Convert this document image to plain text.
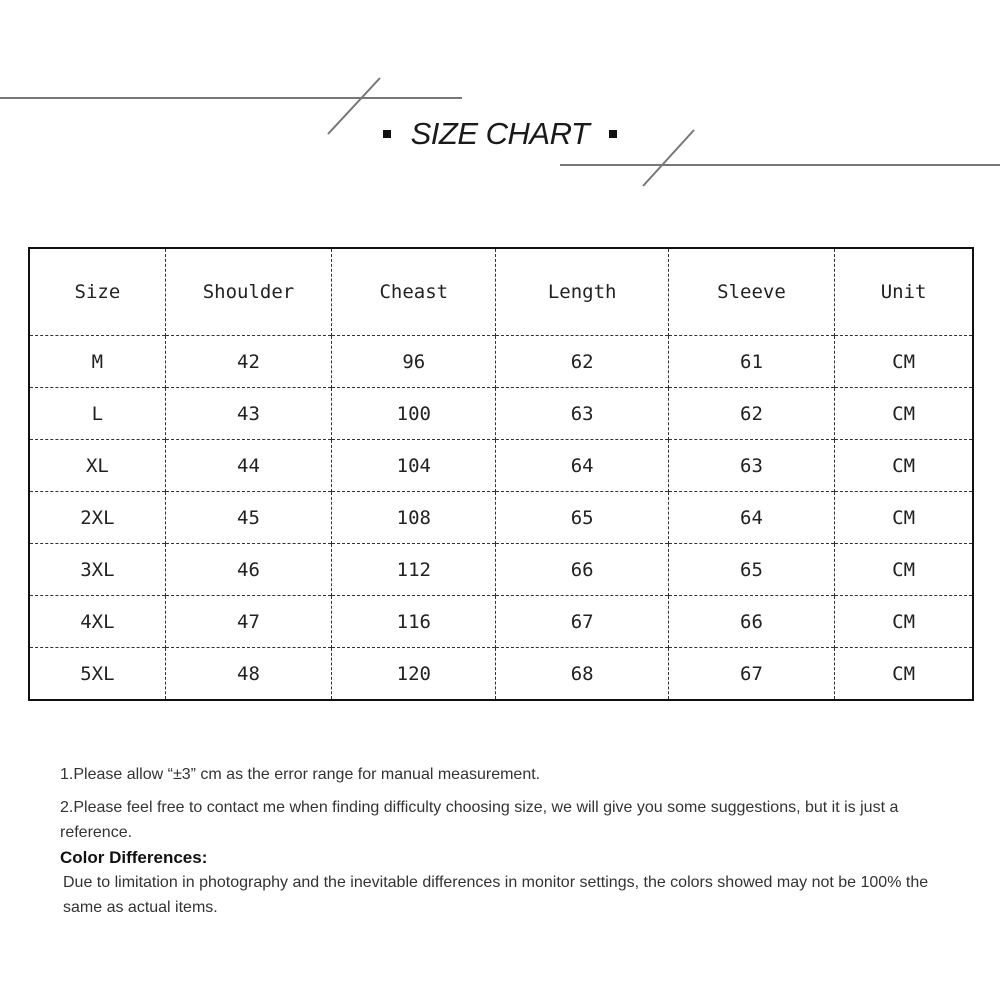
SIZE CHART
Size	Shoulder	Cheast	Length	Sleeve	Unit
M	42	96	62	61	CM
L	43	100	63	62	CM
XL	44	104	64	63	CM
2XL	45	108	65	64	CM
3XL	46	112	66	65	CM
4XL	47	116	67	66	CM
5XL	48	120	68	67	CM

1.Please allow “±3” cm as the error range for manual measurement.

2.Please feel free to contact me when finding difficulty choosing size, we will give you some suggestions, but it is just a reference.

Color Differences:

Due to limitation in photography and the inevitable differences in monitor settings, the colors showed may not be 100% the same as actual items.
